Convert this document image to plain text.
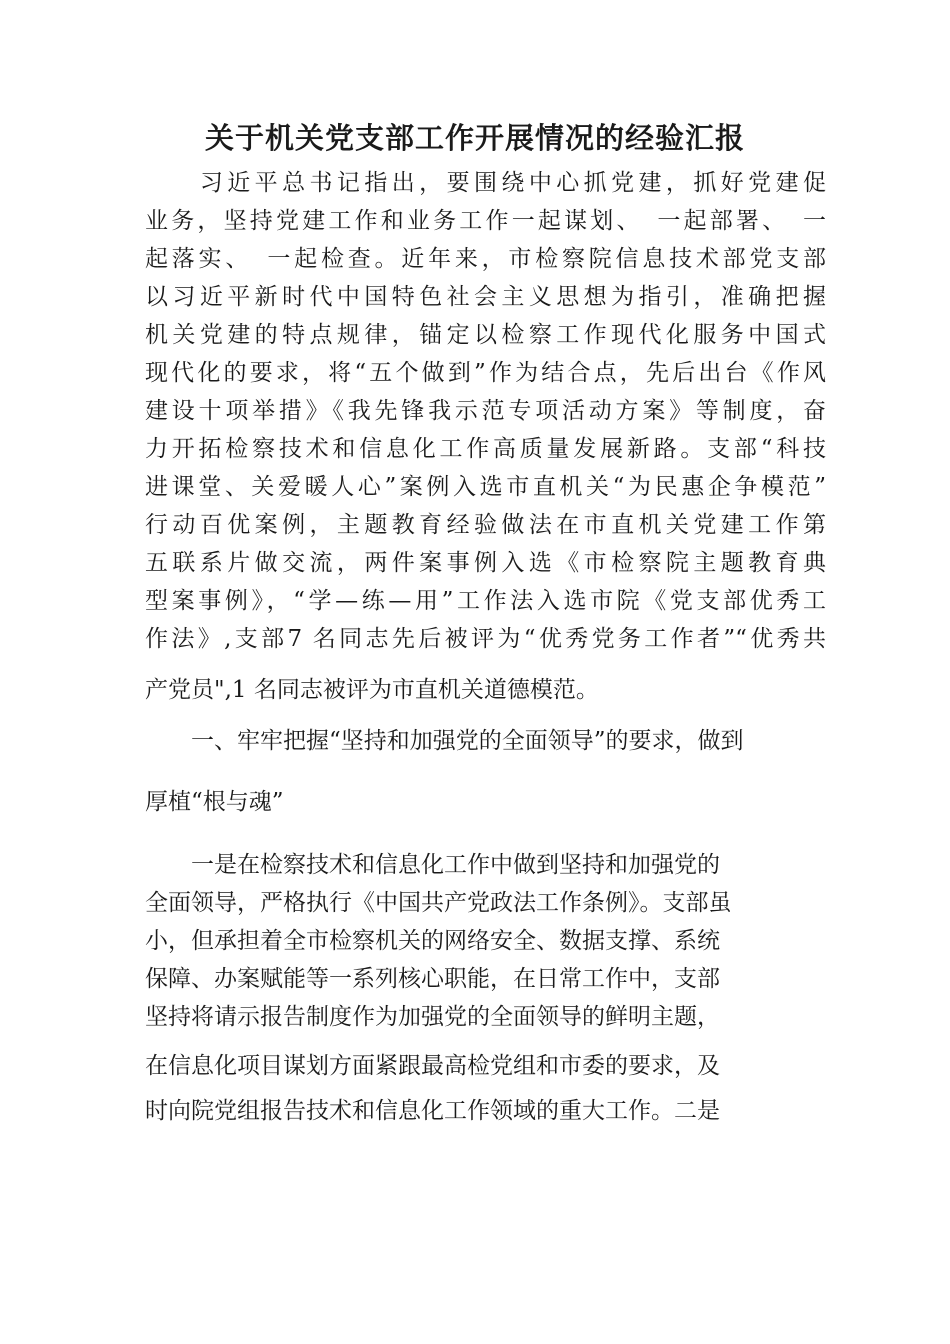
关于机关党支部工作开展情况的经验汇报

　　习近平总书记指出，要围绕中心抓党建，抓好党建促

业务，坚持党建工作和业务工作一起谋划、　一起部署、　一

起落实、　一起检查。近年来，市检察院信息技术部党支部

以习近平新时代中国特色社会主义思想为指引，准确把握

机关党建的特点规律，锚定以检察工作现代化服务中国式

现代化的要求，将“五个做到”作为结合点，先后出台《作风

建设十项举措》《我先锋我示范专项活动方案》等制度，奋

力开拓检察技术和信息化工作高质量发展新路。支部“科技

进课堂、关爱暖人心”案例入选市直机关“为民惠企争模范”

行动百优案例，主题教育经验做法在市直机关党建工作第

五联系片做交流，两件案事例入选《市检察院主题教育典

型案事例》，“学—练—用”工作法入选市院《党支部优秀工

作法》,支部7 名同志先后被评为“优秀党务工作者”“优秀共

产党员",1 名同志被评为市直机关道德模范。

　　一、牢牢把握“坚持和加强党的全面领导”的要求，做到

厚植“根与魂”

　　一是在检察技术和信息化工作中做到坚持和加强党的

全面领导，严格执行《中国共产党政法工作条例》。支部虽

小，但承担着全市检察机关的网络安全、数据支撑、系统

保障、办案赋能等一系列核心职能，在日常工作中，支部

坚持将请示报告制度作为加强党的全面领导的鲜明主题，

在信息化项目谋划方面紧跟最高检党组和市委的要求，及

时向院党组报告技术和信息化工作领域的重大工作。二是
